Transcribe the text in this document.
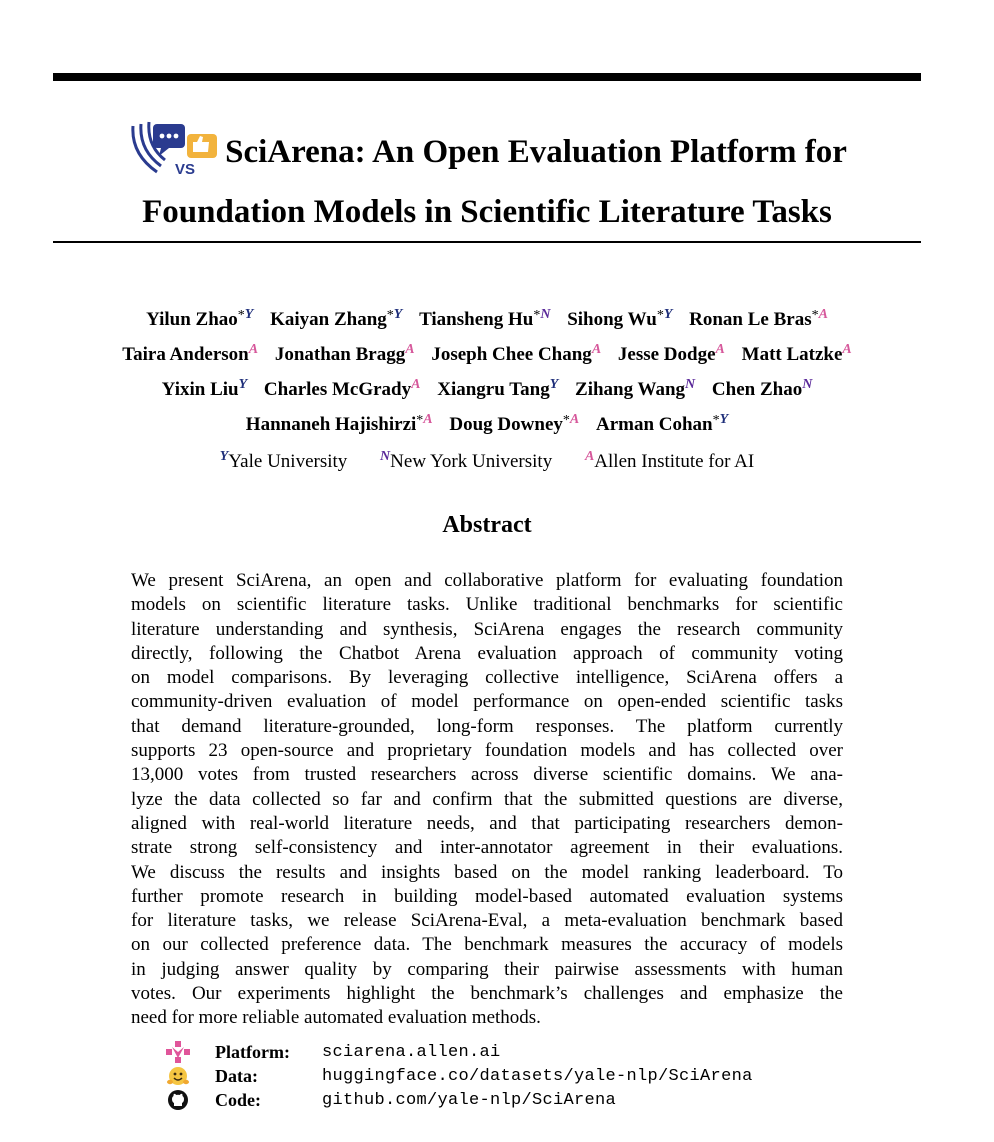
VS SciArena: An Open Evaluation Platform for
Foundation Models in Scientific Literature Tasks
Yilun Zhao$^{*Y}$ Kaiyan Zhang$^{*Y}$ Tiansheng Hu$^{*N}$ Sihong Wu$^{*Y}$ Ronan Le Bras$^{*A}$
Taira Anderson$^A$ Jonathan Bragg$^A$ Joseph Chee Chang$^A$ Jesse Dodge$^A$ Matt Latzke$^A$
Yixin Liu$^Y$ Charles McGrady$^A$ Xiangru Tang$^Y$ Zihang Wang$^N$ Chen Zhao$^N$
Hannaneh Hajishirzi$^{*A}$ Doug Downey$^{*A}$ Arman Cohan$^{*Y}$
$^Y$Yale University $^N$New York University $^A$Allen Institute for AI
Abstract
We present SciArena, an open and collaborative platform for evaluating foundation
models on scientific literature tasks. Unlike traditional benchmarks for scientific
literature understanding and synthesis, SciArena engages the research community
directly, following the Chatbot Arena evaluation approach of community voting
on model comparisons. By leveraging collective intelligence, SciArena offers a
community-driven evaluation of model performance on open-ended scientific tasks
that demand literature-grounded, long-form responses. The platform currently
supports 23 open-source and proprietary foundation models and has collected over
13,000 votes from trusted researchers across diverse scientific domains. We ana-
lyze the data collected so far and confirm that the submitted questions are diverse,
aligned with real-world literature needs, and that participating researchers demon-
strate strong self-consistency and inter-annotator agreement in their evaluations.
We discuss the results and insights based on the model ranking leaderboard. To
further promote research in building model-based automated evaluation systems
for literature tasks, we release SciArena-Eval, a meta-evaluation benchmark based
on our collected preference data. The benchmark measures the accuracy of models
in judging answer quality by comparing their pairwise assessments with human
votes. Our experiments highlight the benchmark’s challenges and emphasize the
need for more reliable automated evaluation methods.
Platform:	sciarena.allen.ai
Data:	huggingface.co/datasets/yale-nlp/SciArena
Code:	github.com/yale-nlp/SciArena
